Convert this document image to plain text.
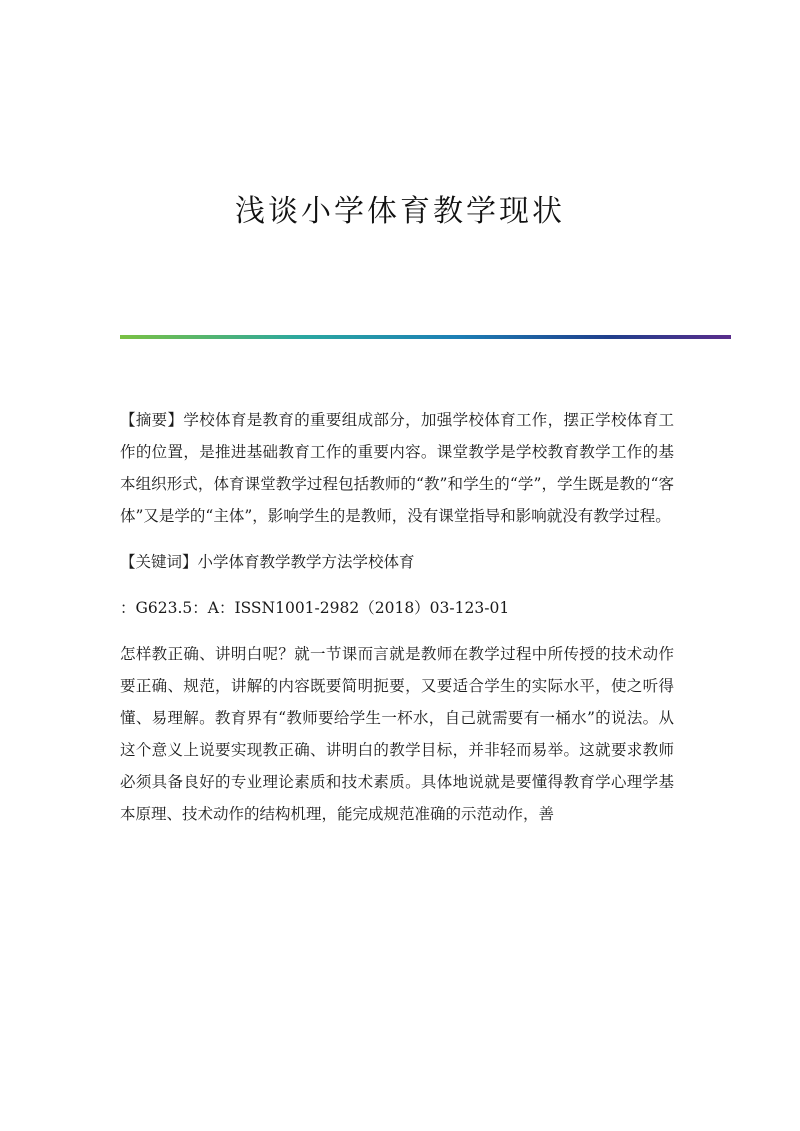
浅谈小学体育教学现状

【摘要】学校体育是教育的重要组成部分，加强学校体育工作，摆正学校体育工作的位置，是推进基础教育工作的重要内容。课堂教学是学校教育教学工作的基本组织形式，体育课堂教学过程包括教师的“教”和学生的“学”，学生既是教的“客体”又是学的“主体”，影响学生的是教师，没有课堂指导和影响就没有教学过程。

【关键词】小学体育教学教学方法学校体育

：G623.5：A：ISSN1001-2982（2018）03-123-01

怎样教正确、讲明白呢？就一节课而言就是教师在教学过程中所传授的技术动作要正确、规范，讲解的内容既要简明扼要，又要适合学生的实际水平，使之听得懂、易理解。教育界有“教师要给学生一杯水，自己就需要有一桶水”的说法。从这个意义上说要实现教正确、讲明白的教学目标，并非轻而易举。这就要求教师必须具备良好的专业理论素质和技术素质。具体地说就是要懂得教育学心理学基本原理、技术动作的结构机理，能完成规范准确的示范动作，善
